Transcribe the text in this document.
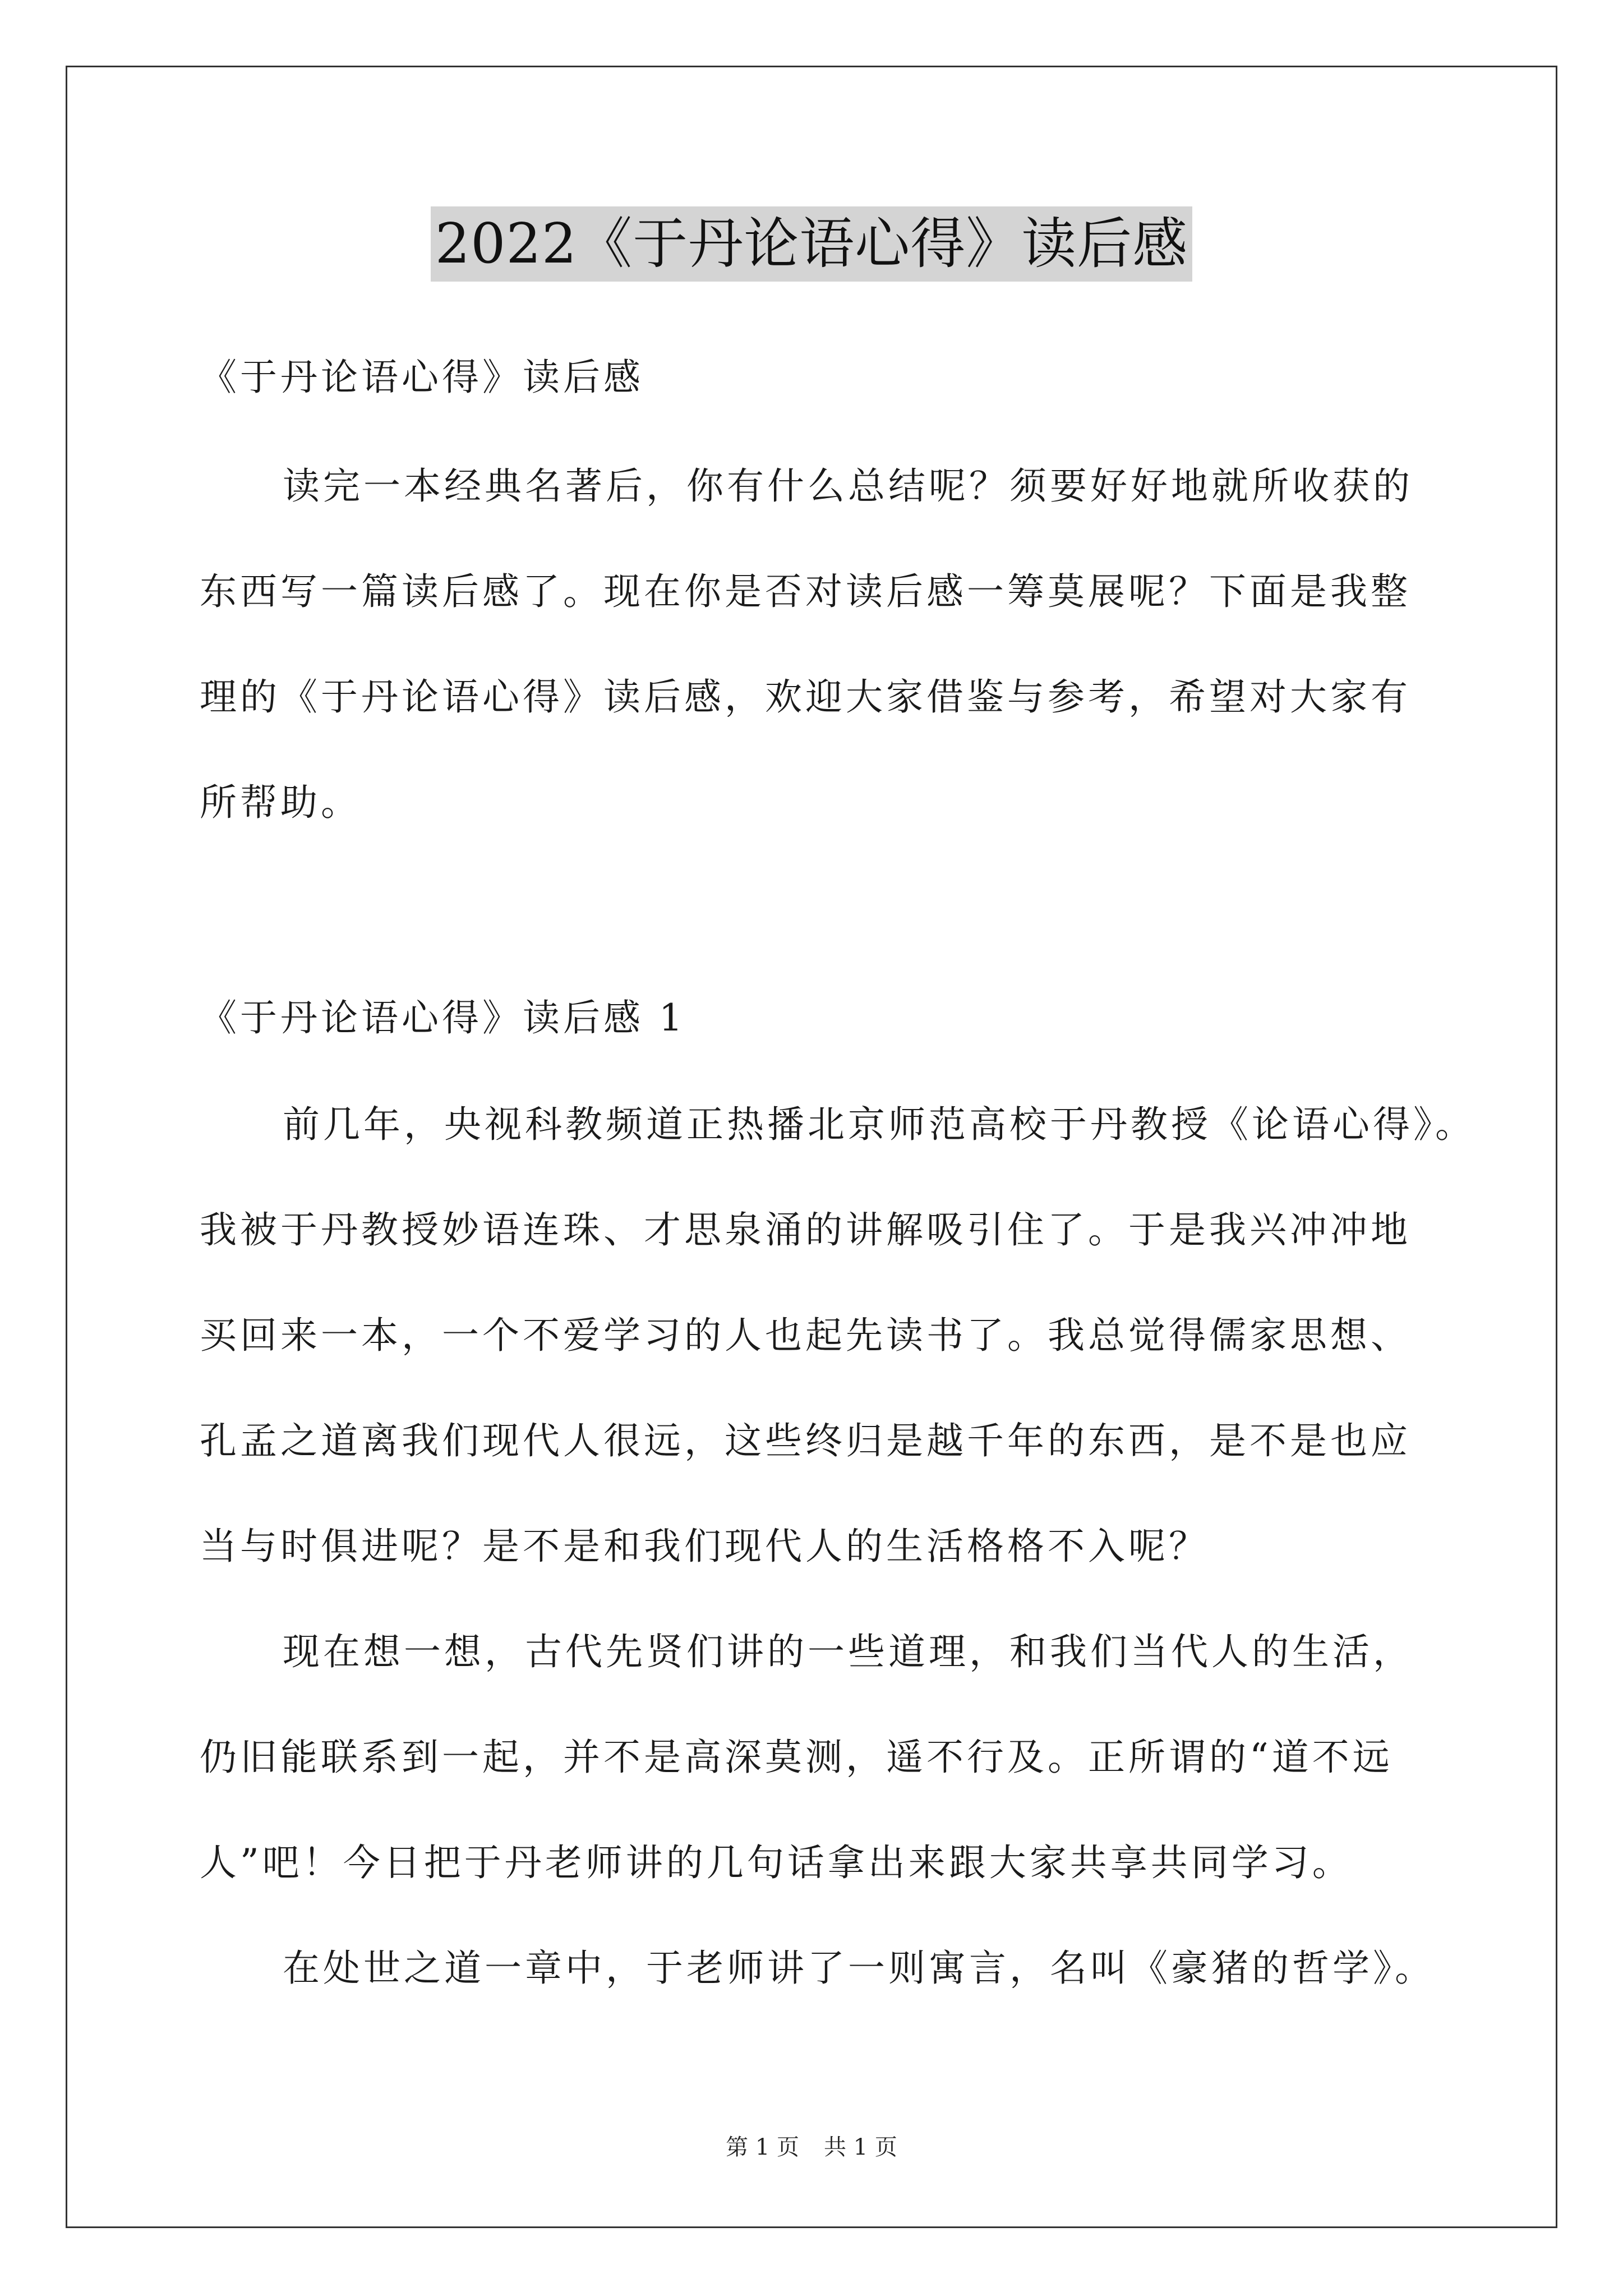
2022《于丹论语心得》读后感
《于丹论语心得》读后感
读完一本经典名著后，你有什么总结呢？须要好好地就所收获的
东西写一篇读后感了。现在你是否对读后感一筹莫展呢？下面是我整
理的《于丹论语心得》读后感，欢迎大家借鉴与参考，希望对大家有
所帮助。
《于丹论语心得》读后感 1
前几年，央视科教频道正热播北京师范高校于丹教授《论语心得》。
我被于丹教授妙语连珠、才思泉涌的讲解吸引住了。于是我兴冲冲地
买回来一本，一个不爱学习的人也起先读书了。我总觉得儒家思想、
孔孟之道离我们现代人很远，这些终归是越千年的东西，是不是也应
当与时俱进呢？是不是和我们现代人的生活格格不入呢？
现在想一想，古代先贤们讲的一些道理，和我们当代人的生活，
仍旧能联系到一起，并不是高深莫测，遥不行及。正所谓的“道不远
人”吧！今日把于丹老师讲的几句话拿出来跟大家共享共同学习。
在处世之道一章中，于老师讲了一则寓言，名叫《豪猪的哲学》。
第 1 页 共 1 页
